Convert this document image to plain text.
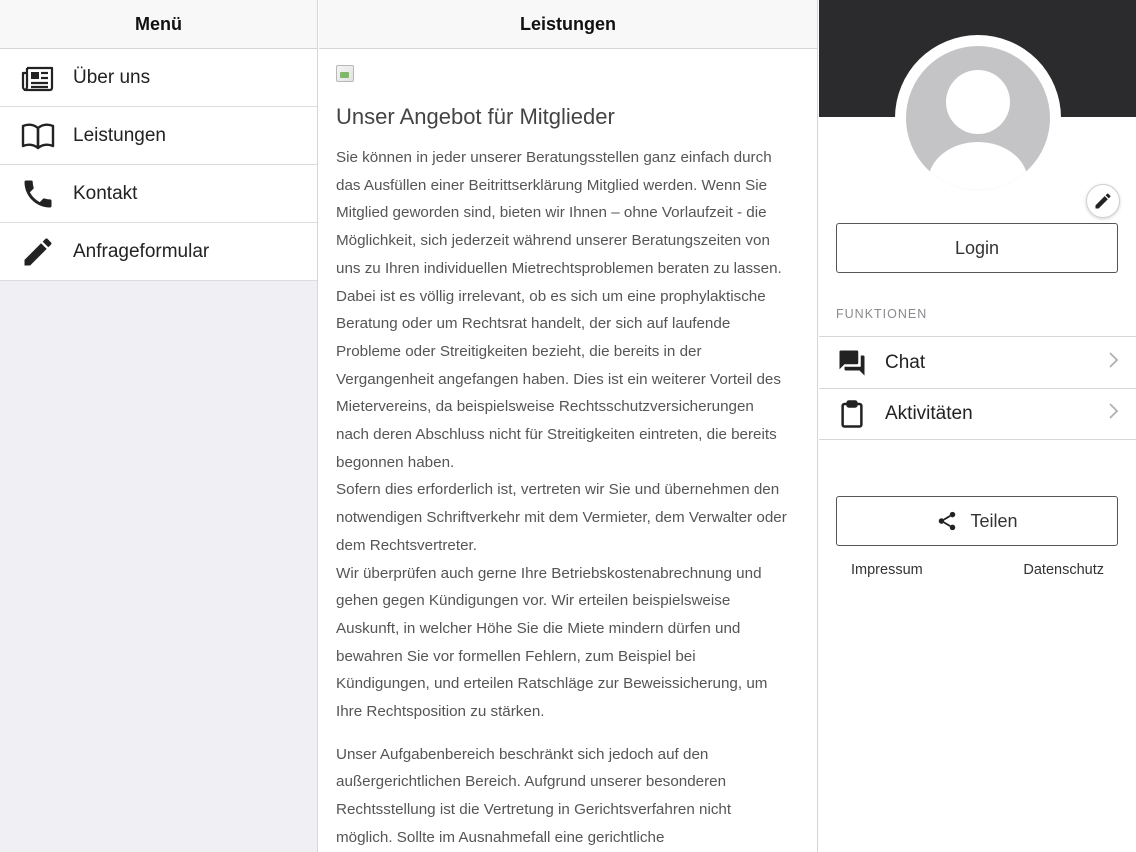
Menü
Über uns
Leistungen
Kontakt
Anfrageformular
Leistungen
Unser Angebot für Mitglieder
Sie können in jeder unserer Beratungsstellen ganz einfach durch
das Ausfüllen einer Beitrittserklärung Mitglied werden. Wenn Sie
Mitglied geworden sind, bieten wir Ihnen – ohne Vorlaufzeit - die
Möglichkeit, sich jederzeit während unserer Beratungszeiten von
uns zu Ihren individuellen Mietrechtsproblemen beraten zu lassen.
Dabei ist es völlig irrelevant, ob es sich um eine prophylaktische
Beratung oder um Rechtsrat handelt, der sich auf laufende
Probleme oder Streitigkeiten bezieht, die bereits in der
Vergangenheit angefangen haben. Dies ist ein weiterer Vorteil des
Mietervereins, da beispielsweise Rechtsschutzversicherungen
nach deren Abschluss nicht für Streitigkeiten eintreten, die bereits
begonnen haben.
Sofern dies erforderlich ist, vertreten wir Sie und übernehmen den
notwendigen Schriftverkehr mit dem Vermieter, dem Verwalter oder
dem Rechtsvertreter.
Wir überprüfen auch gerne Ihre Betriebskostenabrechnung und
gehen gegen Kündigungen vor. Wir erteilen beispielsweise
Auskunft, in welcher Höhe Sie die Miete mindern dürfen und
bewahren Sie vor formellen Fehlern, zum Beispiel bei
Kündigungen, und erteilen Ratschläge zur Beweissicherung, um
Ihre Rechtsposition zu stärken.
Unser Aufgabenbereich beschränkt sich jedoch auf den
außergerichtlichen Bereich. Aufgrund unserer besonderen
Rechtsstellung ist die Vertretung in Gerichtsverfahren nicht
möglich. Sollte im Ausnahmefall eine gerichtliche
Login
FUNKTIONEN
Chat
Aktivitäten
Teilen
Impressum	Datenschutz
